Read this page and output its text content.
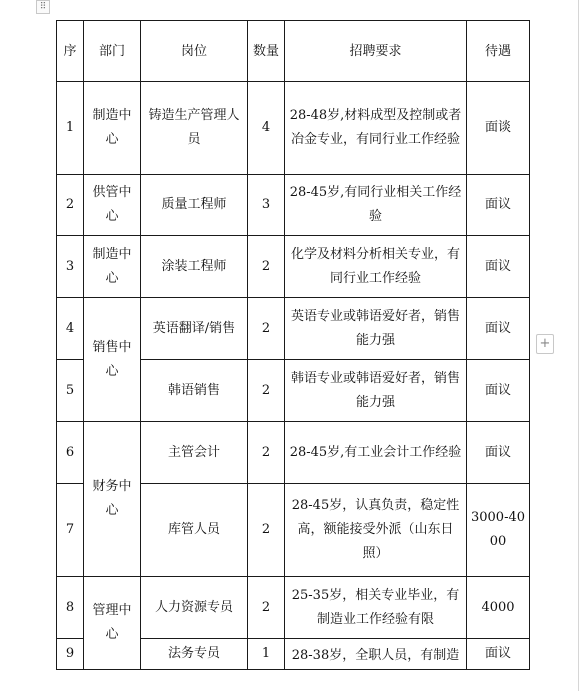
⠿
+
序	部门	岗位	数量	招聘要求	待遇
1	制造中心	铸造生产管理人员	4	28-48岁,材料成型及控制或者冶金专业，有同行业工作经验	面谈
2	供管中心	质量工程师	3	28-45岁,有同行业相关工作经验	面议
3	制造中心	涂装工程师	2	化学及材料分析相关专业，有同行业工作经验	面议
4	销售中心	英语翻译/销售	2	英语专业或韩语爱好者，销售能力强	面议
5		韩语销售	2	韩语专业或韩语爱好者，销售能力强	面议
6	财务中心	主管会计	2	28-45岁,有工业会计工作经验	面议
7		库管人员	2	28-45岁，认真负责，稳定性高，额能接受外派（山东日照）	3000-4000
8	管理中心	人力资源专员	2	25-35岁，相关专业毕业，有制造业工作经验有限	4000
9		法务专员	1	28-38岁，全职人员，有制造	面议
